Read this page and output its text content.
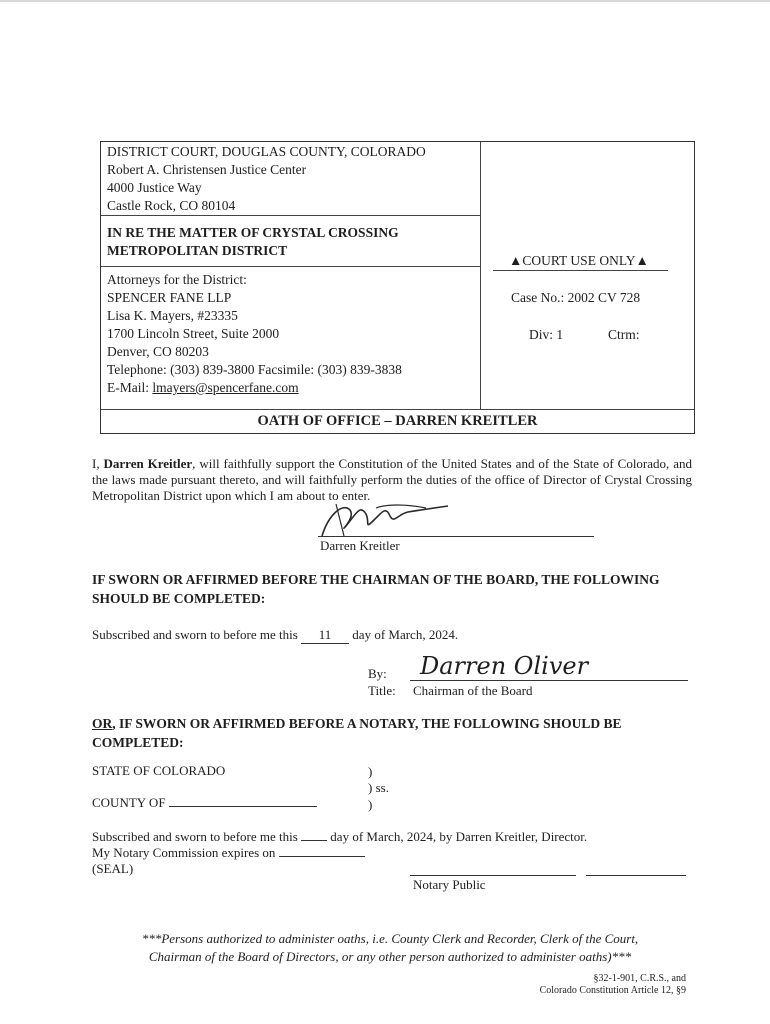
DISTRICT COURT, DOUGLAS COUNTY, COLORADO
Robert A. Christensen Justice Center
4000 Justice Way
Castle Rock, CO 80104
IN RE THE MATTER OF CRYSTAL CROSSING
METROPOLITAN DISTRICT
▲COURT USE ONLY▲
Attorneys for the District:
SPENCER FANE LLP
Lisa K. Mayers, #23335
1700 Lincoln Street, Suite 2000
Denver, CO 80203
Telephone: (303) 839-3800 Facsimile: (303) 839-3838
E-Mail: lmayers@spencerfane.com
Case No.: 2002 CV 728
Div: 1	Ctrm:
OATH OF OFFICE – DARREN KREITLER
I, Darren Kreitler, will faithfully support the Constitution of the United States and of the State of Colorado, and the laws made pursuant thereto, and will faithfully perform the duties of the office of Director of Crystal Crossing Metropolitan District upon which I am about to enter.
Darren Kreitler
IF SWORN OR AFFIRMED BEFORE THE CHAIRMAN OF THE BOARD, THE FOLLOWING
SHOULD BE COMPLETED:
Subscribed and sworn to before me this 11 day of March, 2024.
By: Darren Oliver
Title: Chairman of the Board
OR, IF SWORN OR AFFIRMED BEFORE A NOTARY, THE FOLLOWING SHOULD BE
COMPLETED:
STATE OF COLORADO	)
) ss.
COUNTY OF	)
Subscribed and sworn to before me this	day of March, 2024, by Darren Kreitler, Director.
My Notary Commission expires on
(SEAL)
Notary Public
***Persons authorized to administer oaths, i.e. County Clerk and Recorder, Clerk of the Court,
Chairman of the Board of Directors, or any other person authorized to administer oaths)***
§32-1-901, C.R.S., and
Colorado Constitution Article 12, §9
